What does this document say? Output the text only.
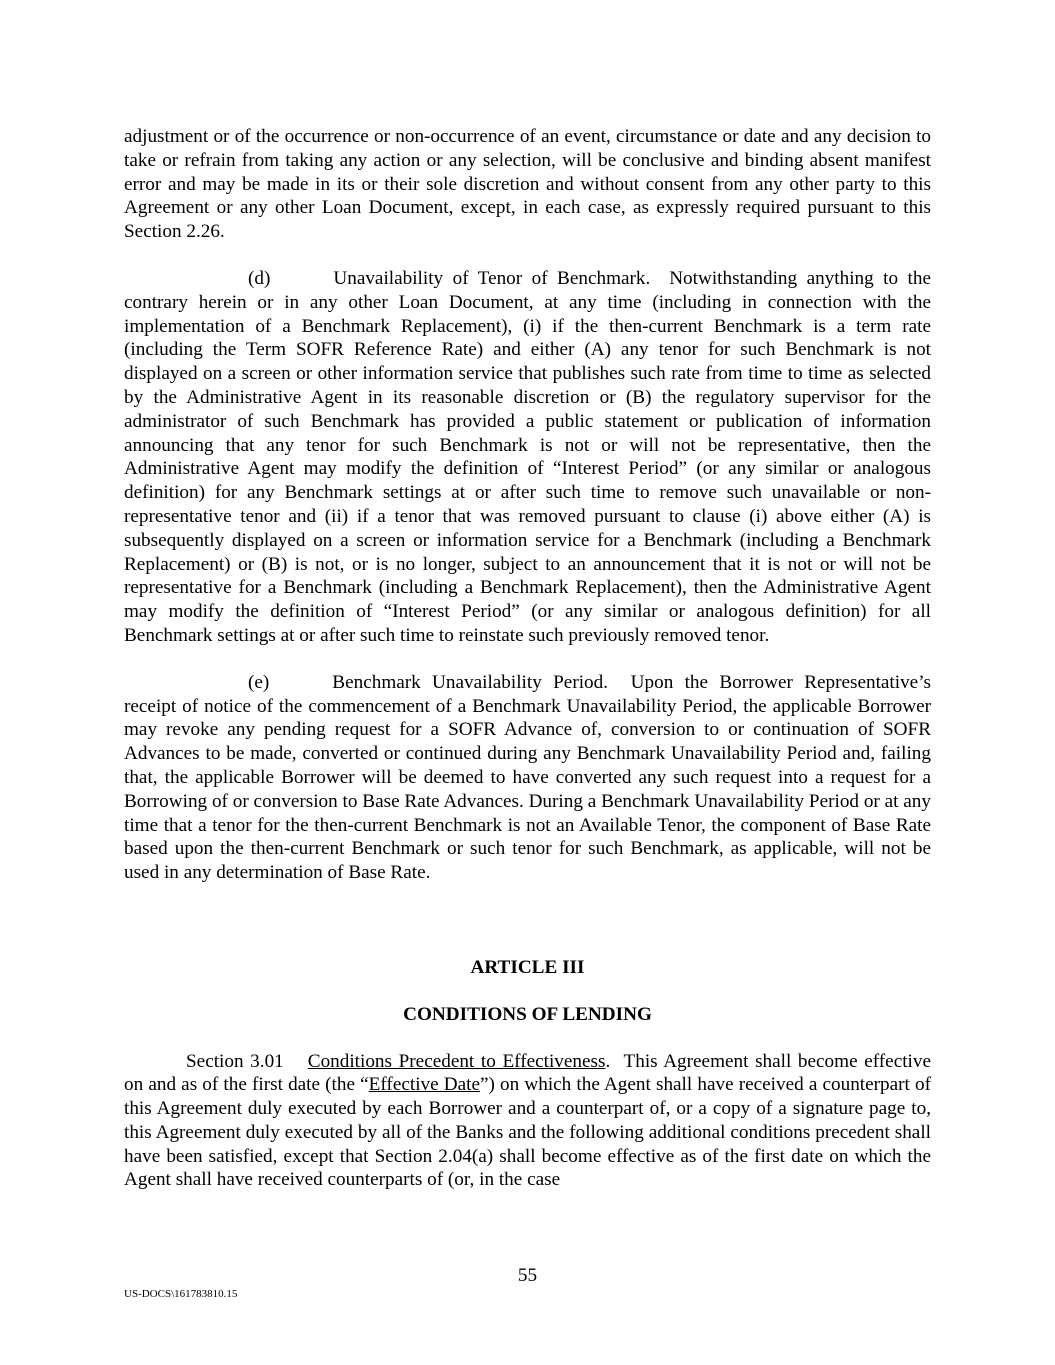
adjustment or of the occurrence or non-occurrence of an event, circumstance or date and any decision to take or refrain from taking any action or any selection, will be conclusive and binding absent manifest error and may be made in its or their sole discretion and without consent from any other party to this Agreement or any other Loan Document, except, in each case, as expressly required pursuant to this Section 2.26.

(d)	Unavailability of Tenor of Benchmark. Notwithstanding anything to the contrary herein or in any other Loan Document, at any time (including in connection with the implementation of a Benchmark Replacement), (i) if the then-current Benchmark is a term rate (including the Term SOFR Reference Rate) and either (A) any tenor for such Benchmark is not displayed on a screen or other information service that publishes such rate from time to time as selected by the Administrative Agent in its reasonable discretion or (B) the regulatory supervisor for the administrator of such Benchmark has provided a public statement or publication of information announcing that any tenor for such Benchmark is not or will not be representative, then the Administrative Agent may modify the definition of “Interest Period” (or any similar or analogous definition) for any Benchmark settings at or after such time to remove such unavailable or non-representative tenor and (ii) if a tenor that was removed pursuant to clause (i) above either (A) is subsequently displayed on a screen or information service for a Benchmark (including a Benchmark Replacement) or (B) is not, or is no longer, subject to an announcement that it is not or will not be representative for a Benchmark (including a Benchmark Replacement), then the Administrative Agent may modify the definition of “Interest Period” (or any similar or analogous definition) for all Benchmark settings at or after such time to reinstate such previously removed tenor.

(e)	Benchmark Unavailability Period. Upon the Borrower Representative’s receipt of notice of the commencement of a Benchmark Unavailability Period, the applicable Borrower may revoke any pending request for a SOFR Advance of, conversion to or continuation of SOFR Advances to be made, converted or continued during any Benchmark Unavailability Period and, failing that, the applicable Borrower will be deemed to have converted any such request into a request for a Borrowing of or conversion to Base Rate Advances. During a Benchmark Unavailability Period or at any time that a tenor for the then-current Benchmark is not an Available Tenor, the component of Base Rate based upon the then-current Benchmark or such tenor for such Benchmark, as applicable, will not be used in any determination of Base Rate.

ARTICLE III

CONDITIONS OF LENDING

Section 3.01 Conditions Precedent to Effectiveness. This Agreement shall become effective on and as of the first date (the “Effective Date”) on which the Agent shall have received a counterpart of this Agreement duly executed by each Borrower and a counterpart of, or a copy of a signature page to, this Agreement duly executed by all of the Banks and the following additional conditions precedent shall have been satisfied, except that Section 2.04(a) shall become effective as of the first date on which the Agent shall have received counterparts of (or, in the case

55
US-DOCS\161783810.15
